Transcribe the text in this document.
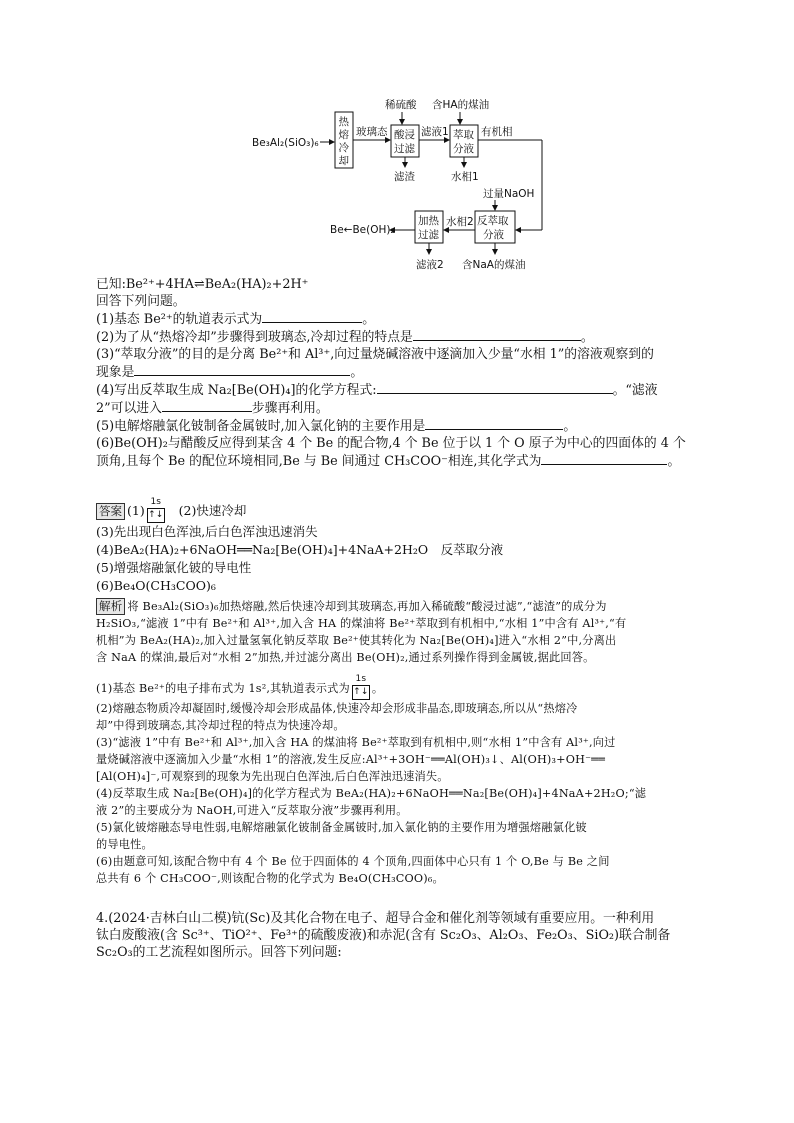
Be₃Al₂(SiO₃)₆
热
熔
冷
却
玻璃态
稀硫酸 含HA的煤油
酸浸
过滤
滤液1 萃取
分液
有机相
滤渣	水相1
过量NaOH
反萃取
分液
水相2
加热
过滤
Be←Be(OH)₂
滤液2 含NaA的煤油
已知:Be²⁺+4HA⇌BeA₂(HA)₂+2H⁺
回答下列问题。
(1)基态 Be²⁺的轨道表示式为	。
(2)为了从“热熔冷却”步骤得到玻璃态,冷却过程的特点是	。
(3)“萃取分液”的目的是分离 Be²⁺和 Al³⁺,向过量烧碱溶液中逐滴加入少量“水相 1”的溶液观察到的
现象是	。
(4)写出反萃取生成 Na₂[Be(OH)₄]的化学方程式:	。“滤液
2”可以进入	步骤再利用。
(5)电解熔融氯化铍制备金属铍时,加入氯化钠的主要作用是	。
(6)Be(OH)₂与醋酸反应得到某含 4 个 Be 的配合物,4 个 Be 位于以 1 个 O 原子为中心的四面体的 4 个
顶角,且每个 Be 的配位环境相同,Be 与 Be 间通过 CH₃COO⁻相连,其化学式为	。
答案 (1)
1s
↑↓ (2)快速冷却
(3)先出现白色浑浊,后白色浑浊迅速消失
(4)BeA₂(HA)₂+6NaOH══Na₂[Be(OH)₄]+4NaA+2H₂O　反萃取分液
(5)增强熔融氯化铍的导电性
(6)Be₄O(CH₃COO)₆
解析 将 Be₃Al₂(SiO₃)₆加热熔融,然后快速冷却到其玻璃态,再加入稀硫酸“酸浸过滤”,“滤渣”的成分为
H₂SiO₃,“滤液 1”中有 Be²⁺和 Al³⁺,加入含 HA 的煤油将 Be²⁺萃取到有机相中,“水相 1”中含有 Al³⁺,“有
机相”为 BeA₂(HA)₂,加入过量氢氧化钠反萃取 Be²⁺使其转化为 Na₂[Be(OH)₄]进入“水相 2”中,分离出
含 NaA 的煤油,最后对“水相 2”加热,并过滤分离出 Be(OH)₂,通过系列操作得到金属铍,据此回答。
(1)基态 Be²⁺的电子排布式为 1s²,其轨道表示式为
1s
↑↓ 。
(2)熔融态物质冷却凝固时,缓慢冷却会形成晶体,快速冷却会形成非晶态,即玻璃态,所以从“热熔冷
却”中得到玻璃态,其冷却过程的特点为快速冷却。
(3)“滤液 1”中有 Be²⁺和 Al³⁺,加入含 HA 的煤油将 Be²⁺萃取到有机相中,则“水相 1”中含有 Al³⁺,向过
量烧碱溶液中逐滴加入少量“水相 1”的溶液,发生反应:Al³⁺+3OH⁻══Al(OH)₃↓、Al(OH)₃+OH⁻══
[Al(OH)₄]⁻,可观察到的现象为先出现白色浑浊,后白色浑浊迅速消失。
(4)反萃取生成 Na₂[Be(OH)₄]的化学方程式为 BeA₂(HA)₂+6NaOH══Na₂[Be(OH)₄]+4NaA+2H₂O;“滤
液 2”的主要成分为 NaOH,可进入“反萃取分液”步骤再利用。
(5)氯化铍熔融态导电性弱,电解熔融氯化铍制备金属铍时,加入氯化钠的主要作用为增强熔融氯化铍
的导电性。
(6)由题意可知,该配合物中有 4 个 Be 位于四面体的 4 个顶角,四面体中心只有 1 个 O,Be 与 Be 之间
总共有 6 个 CH₃COO⁻,则该配合物的化学式为 Be₄O(CH₃COO)₆。
4.(2024·吉林白山二模)钪(Sc)及其化合物在电子、超导合金和催化剂等领域有重要应用。一种利用
钛白废酸液(含 Sc³⁺、TiO²⁺、Fe³⁺的硫酸废液)和赤泥(含有 Sc₂O₃、Al₂O₃、Fe₂O₃、SiO₂)联合制备
Sc₂O₃的工艺流程如图所示。回答下列问题:
